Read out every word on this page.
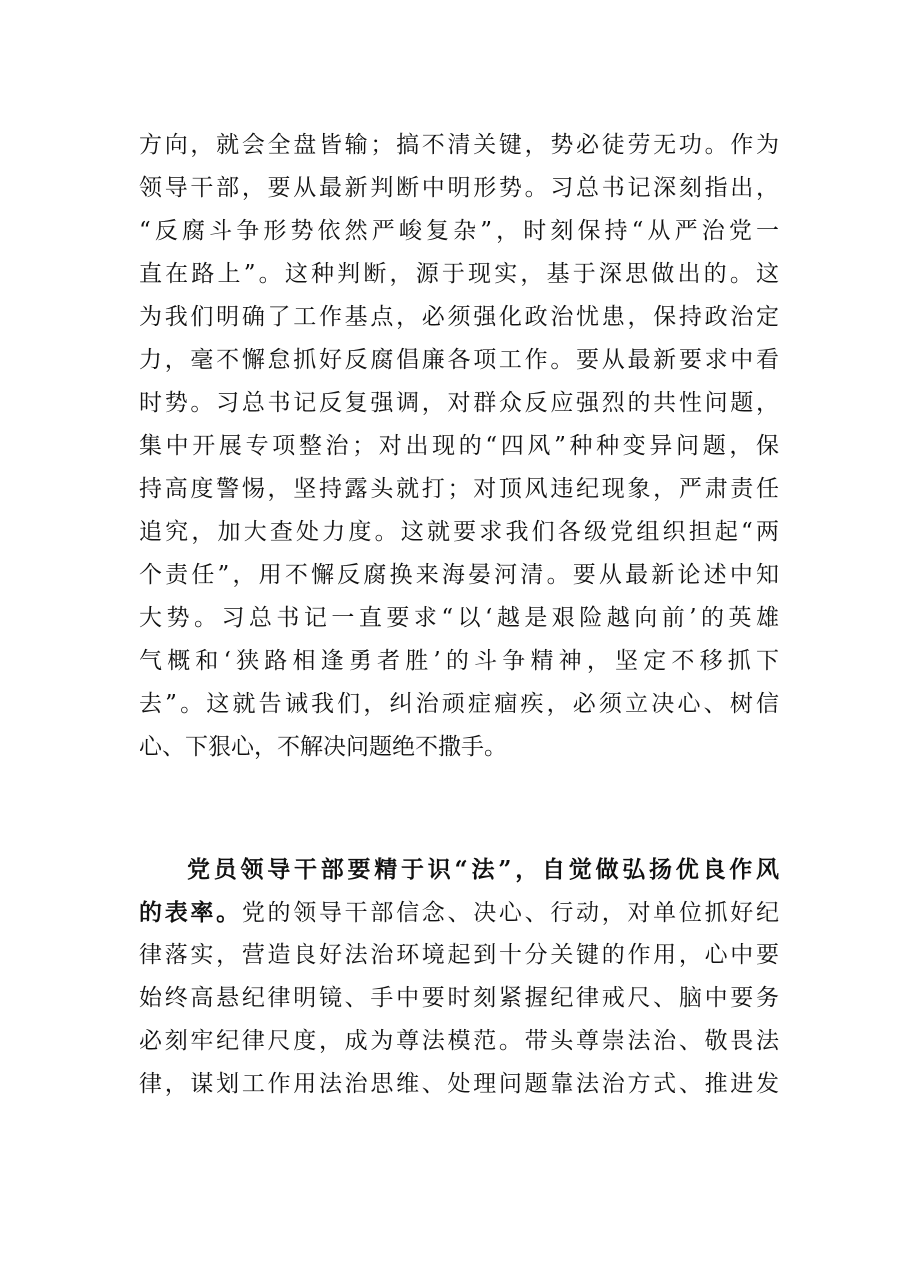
方向，就会全盘皆输；搞不清关键，势必徒劳无功。作为
领导干部，要从最新判断中明形势。习总书记深刻指出，
“反腐斗争形势依然严峻复杂”，时刻保持“从严治党一
直在路上”。这种判断，源于现实，基于深思做出的。这
为我们明确了工作基点，必须强化政治忧患，保持政治定
力，毫不懈怠抓好反腐倡廉各项工作。要从最新要求中看
时势。习总书记反复强调，对群众反应强烈的共性问题，
集中开展专项整治；对出现的“四风”种种变异问题，保
持高度警惕，坚持露头就打；对顶风违纪现象，严肃责任
追究，加大查处力度。这就要求我们各级党组织担起“两
个责任”，用不懈反腐换来海晏河清。要从最新论述中知
大势。习总书记一直要求“以‘越是艰险越向前’的英雄
气概和‘狭路相逢勇者胜’的斗争精神，坚定不移抓下
去”。这就告诫我们，纠治顽症痼疾，必须立决心、树信
心、下狠心，不解决问题绝不撒手。
党员领导干部要精于识“法”，自觉做弘扬优良作风
的表率。党的领导干部信念、决心、行动，对单位抓好纪
律落实，营造良好法治环境起到十分关键的作用，心中要
始终高悬纪律明镜、手中要时刻紧握纪律戒尺、脑中要务
必刻牢纪律尺度，成为尊法模范。带头尊崇法治、敬畏法
律，谋划工作用法治思维、处理问题靠法治方式、推进发
